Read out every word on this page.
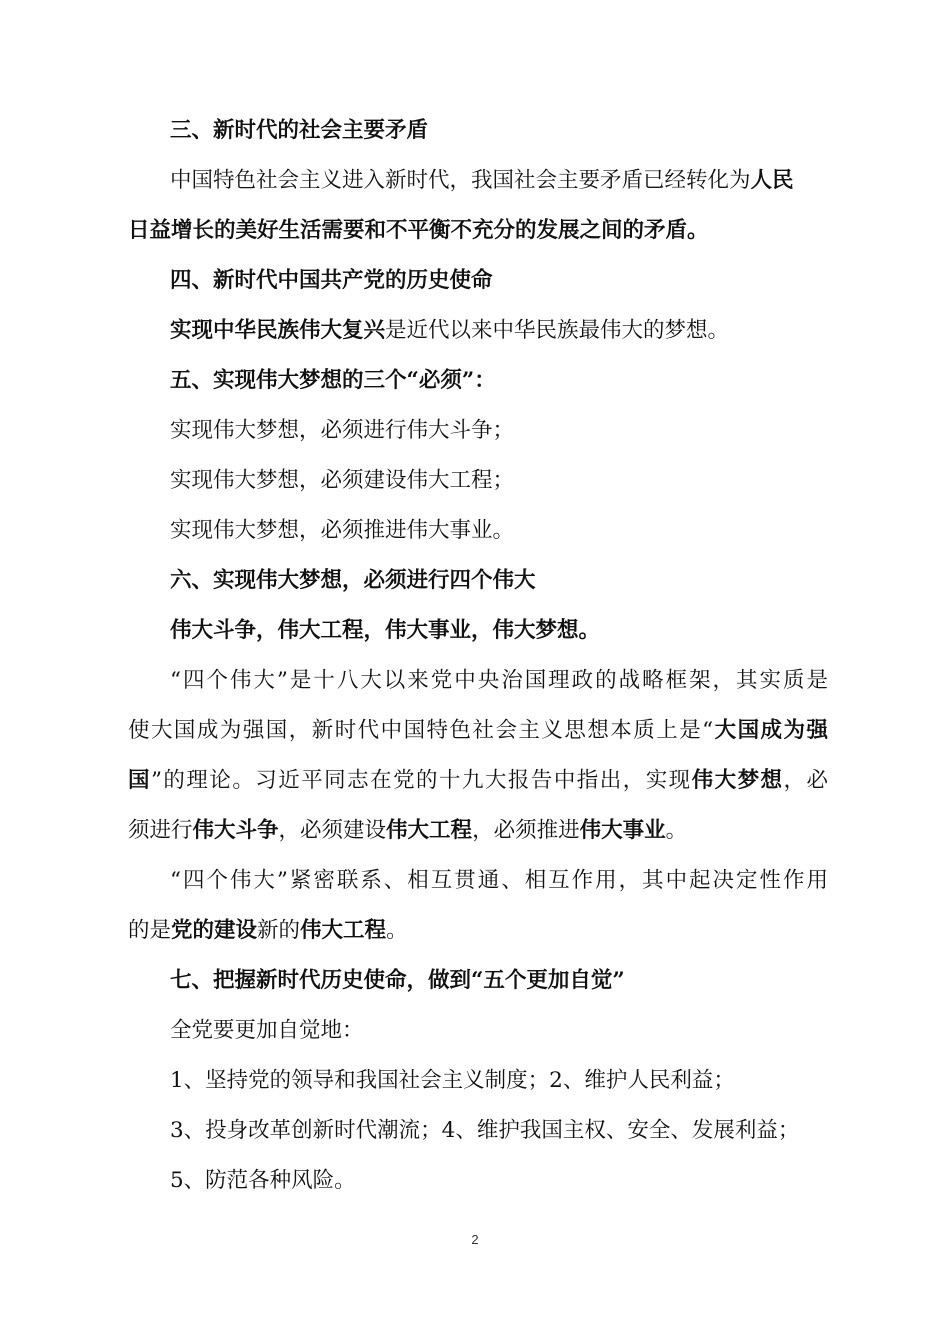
三、新时代的社会主要矛盾
中国特色社会主义进入新时代，我国社会主要矛盾已经转化为人民
日益增长的美好生活需要和不平衡不充分的发展之间的矛盾。
四、新时代中国共产党的历史使命
实现中华民族伟大复兴是近代以来中华民族最伟大的梦想。
五、实现伟大梦想的三个“必须”：
实现伟大梦想，必须进行伟大斗争；
实现伟大梦想，必须建设伟大工程；
实现伟大梦想，必须推进伟大事业。
六、实现伟大梦想，必须进行四个伟大
伟大斗争，伟大工程，伟大事业，伟大梦想。
“四个伟大”是十八大以来党中央治国理政的战略框架，其实质是
使大国成为强国，新时代中国特色社会主义思想本质上是“大国成为强
国”的理论。习近平同志在党的十九大报告中指出，实现伟大梦想，必
须进行伟大斗争，必须建设伟大工程，必须推进伟大事业。
“四个伟大”紧密联系、相互贯通、相互作用，其中起决定性作用
的是党的建设新的伟大工程。
七、把握新时代历史使命，做到“五个更加自觉”
全党要更加自觉地：
1、坚持党的领导和我国社会主义制度；2、维护人民利益；
3、投身改革创新时代潮流；4、维护我国主权、安全、发展利益；
5、防范各种风险。
2
